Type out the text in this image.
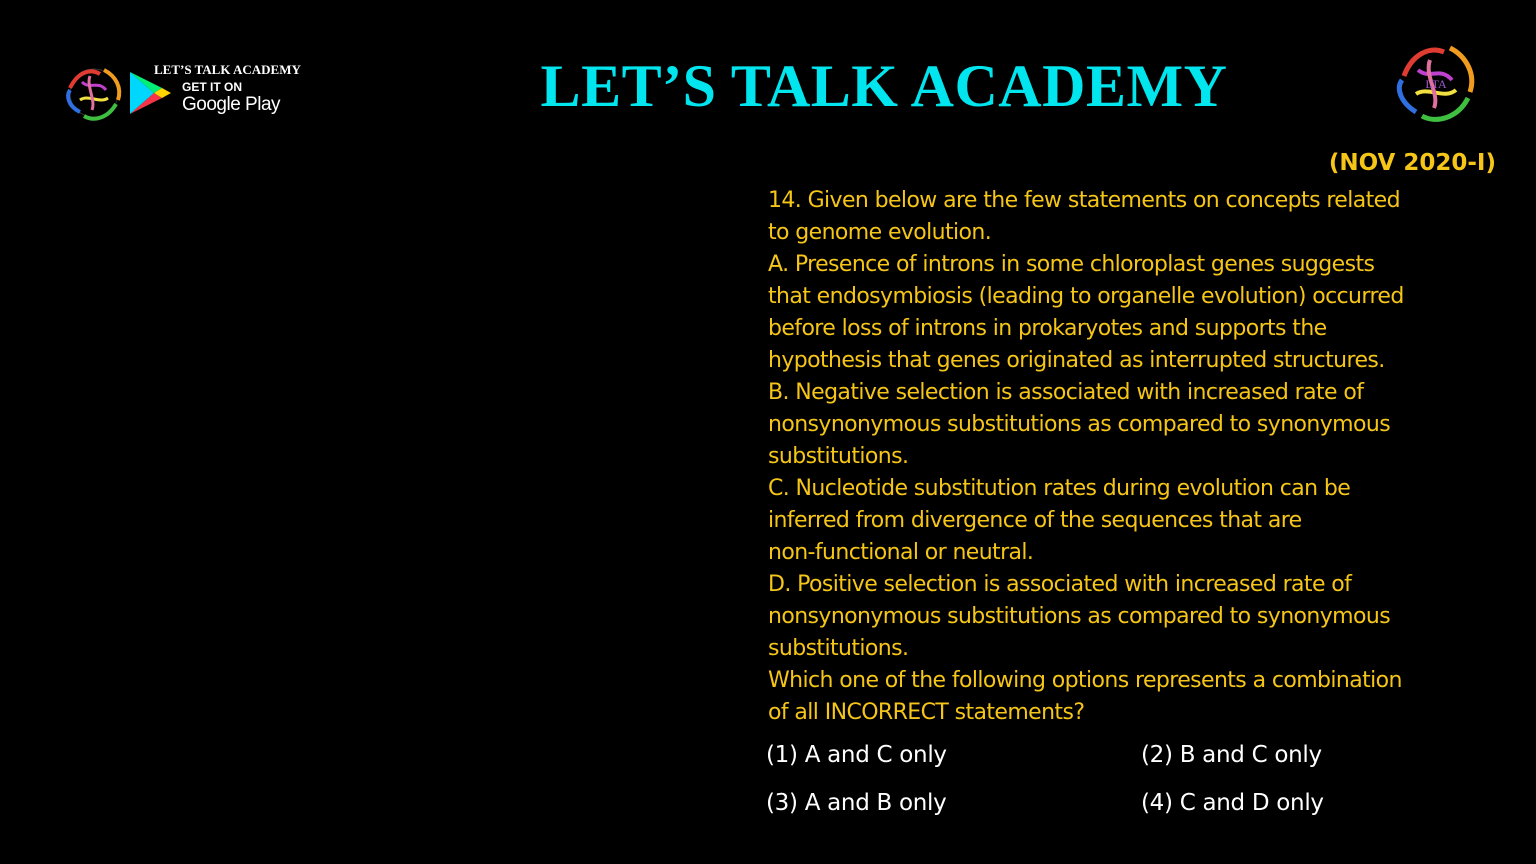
LET’S TALK ACADEMY
GET IT ON
Google Play	LET’S TALK ACADEMY	LTA
(NOV 2020-I)

14. Given below are the few statements on concepts related
to genome evolution.

A. Presence of introns in some chloroplast genes suggests
that endosymbiosis (leading to organelle evolution) occurred
before loss of introns in prokaryotes and supports the
hypothesis that genes originated as interrupted structures.

B. Negative selection is associated with increased rate of
nonsynonymous substitutions as compared to synonymous
substitutions.

C. Nucleotide substitution rates during evolution can be
inferred from divergence of the sequences that are
non-functional or neutral.

D. Positive selection is associated with increased rate of
nonsynonymous substitutions as compared to synonymous
substitutions.

Which one of the following options represents a combination
of all INCORRECT statements?

(1) A and C only	(2) B and C only
(3) A and B only	(4) C and D only
